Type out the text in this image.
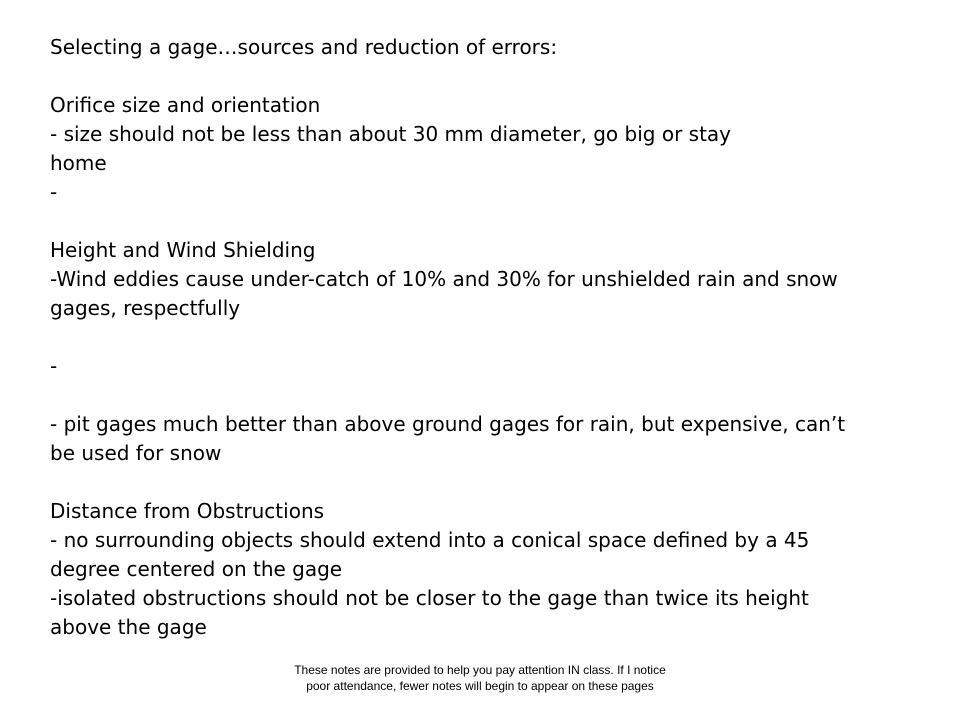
Selecting a gage…sources and reduction of errors:
Orifice size and orientation
- size should not be less than about 30 mm diameter, go big or stay
home
-
Height and Wind Shielding
-Wind eddies cause under-catch of 10% and 30% for unshielded rain and snow
gages, respectfully
-
- pit gages much better than above ground gages for rain, but expensive, can’t
be used for snow
Distance from Obstructions
- no surrounding objects should extend into a conical space defined by a 45
degree centered on the gage
-isolated obstructions should not be closer to the gage than twice its height
above the gage
These notes are provided to help you pay attention IN class. If I notice
poor attendance, fewer notes will begin to appear on these pages
